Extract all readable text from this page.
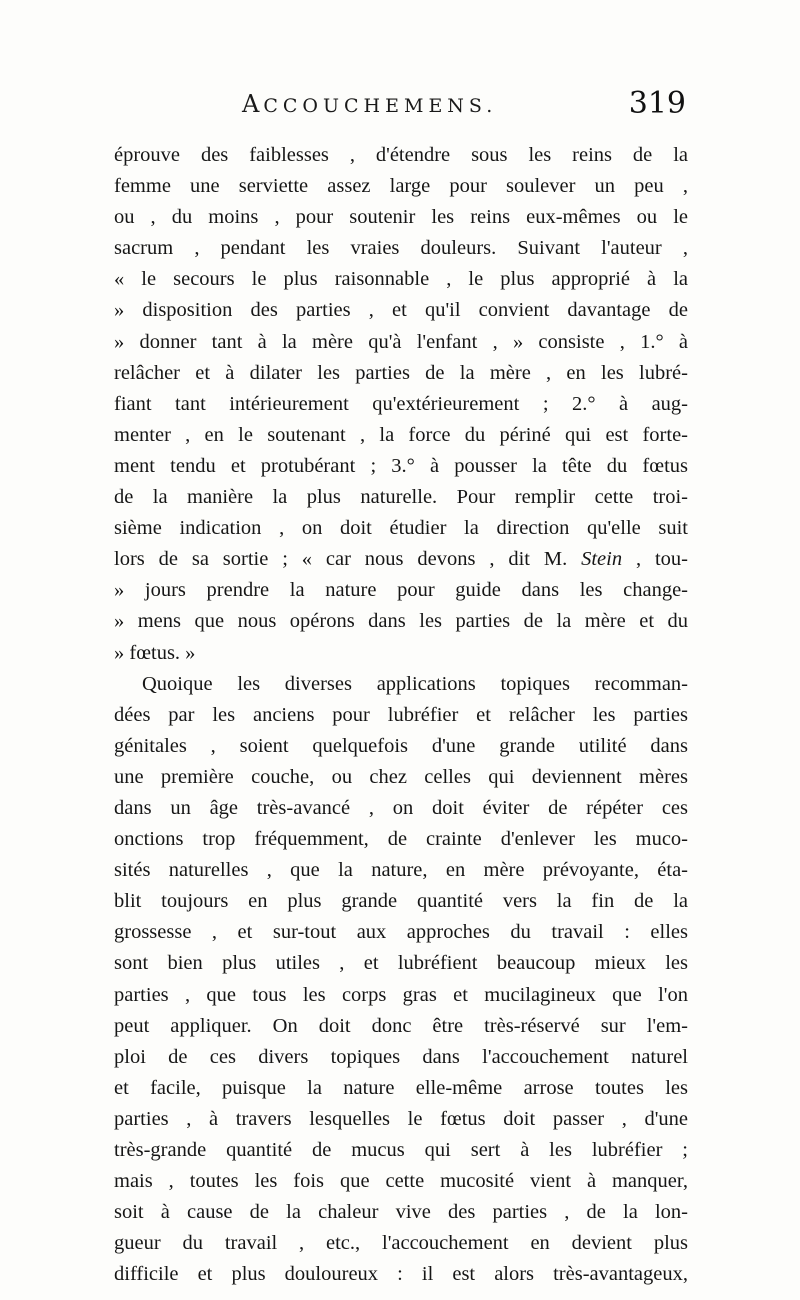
ACCOUCHEMENS.	319
éprouve des faiblesses , d'étendre sous les reins de la
femme une serviette assez large pour soulever un peu ,
ou , du moins , pour soutenir les reins eux-mêmes ou le
sacrum , pendant les vraies douleurs. Suivant l'auteur ,
« le secours le plus raisonnable , le plus approprié à la
» disposition des parties , et qu'il convient davantage de
» donner tant à la mère qu'à l'enfant , » consiste , 1.° à
relâcher et à dilater les parties de la mère , en les lubré-
fiant tant intérieurement qu'extérieurement ; 2.° à aug-
menter , en le soutenant , la force du périné qui est forte-
ment tendu et protubérant ; 3.° à pousser la tête du fœtus
de la manière la plus naturelle. Pour remplir cette troi-
sième indication , on doit étudier la direction qu'elle suit
lors de sa sortie ; « car nous devons , dit M. Stein , tou-
» jours prendre la nature pour guide dans les change-
» mens que nous opérons dans les parties de la mère et du
» fœtus. »
Quoique les diverses applications topiques recomman-
dées par les anciens pour lubréfier et relâcher les parties
génitales , soient quelquefois d'une grande utilité dans
une première couche, ou chez celles qui deviennent mères
dans un âge très-avancé , on doit éviter de répéter ces
onctions trop fréquemment, de crainte d'enlever les muco-
sités naturelles , que la nature, en mère prévoyante, éta-
blit toujours en plus grande quantité vers la fin de la
grossesse , et sur-tout aux approches du travail : elles
sont bien plus utiles , et lubréfient beaucoup mieux les
parties , que tous les corps gras et mucilagineux que l'on
peut appliquer. On doit donc être très-réservé sur l'em-
ploi de ces divers topiques dans l'accouchement naturel
et facile, puisque la nature elle-même arrose toutes les
parties , à travers lesquelles le fœtus doit passer , d'une
très-grande quantité de mucus qui sert à les lubréfier ;
mais , toutes les fois que cette mucosité vient à manquer,
soit à cause de la chaleur vive des parties , de la lon-
gueur du travail , etc., l'accouchement en devient plus
difficile et plus douloureux : il est alors très-avantageux,
